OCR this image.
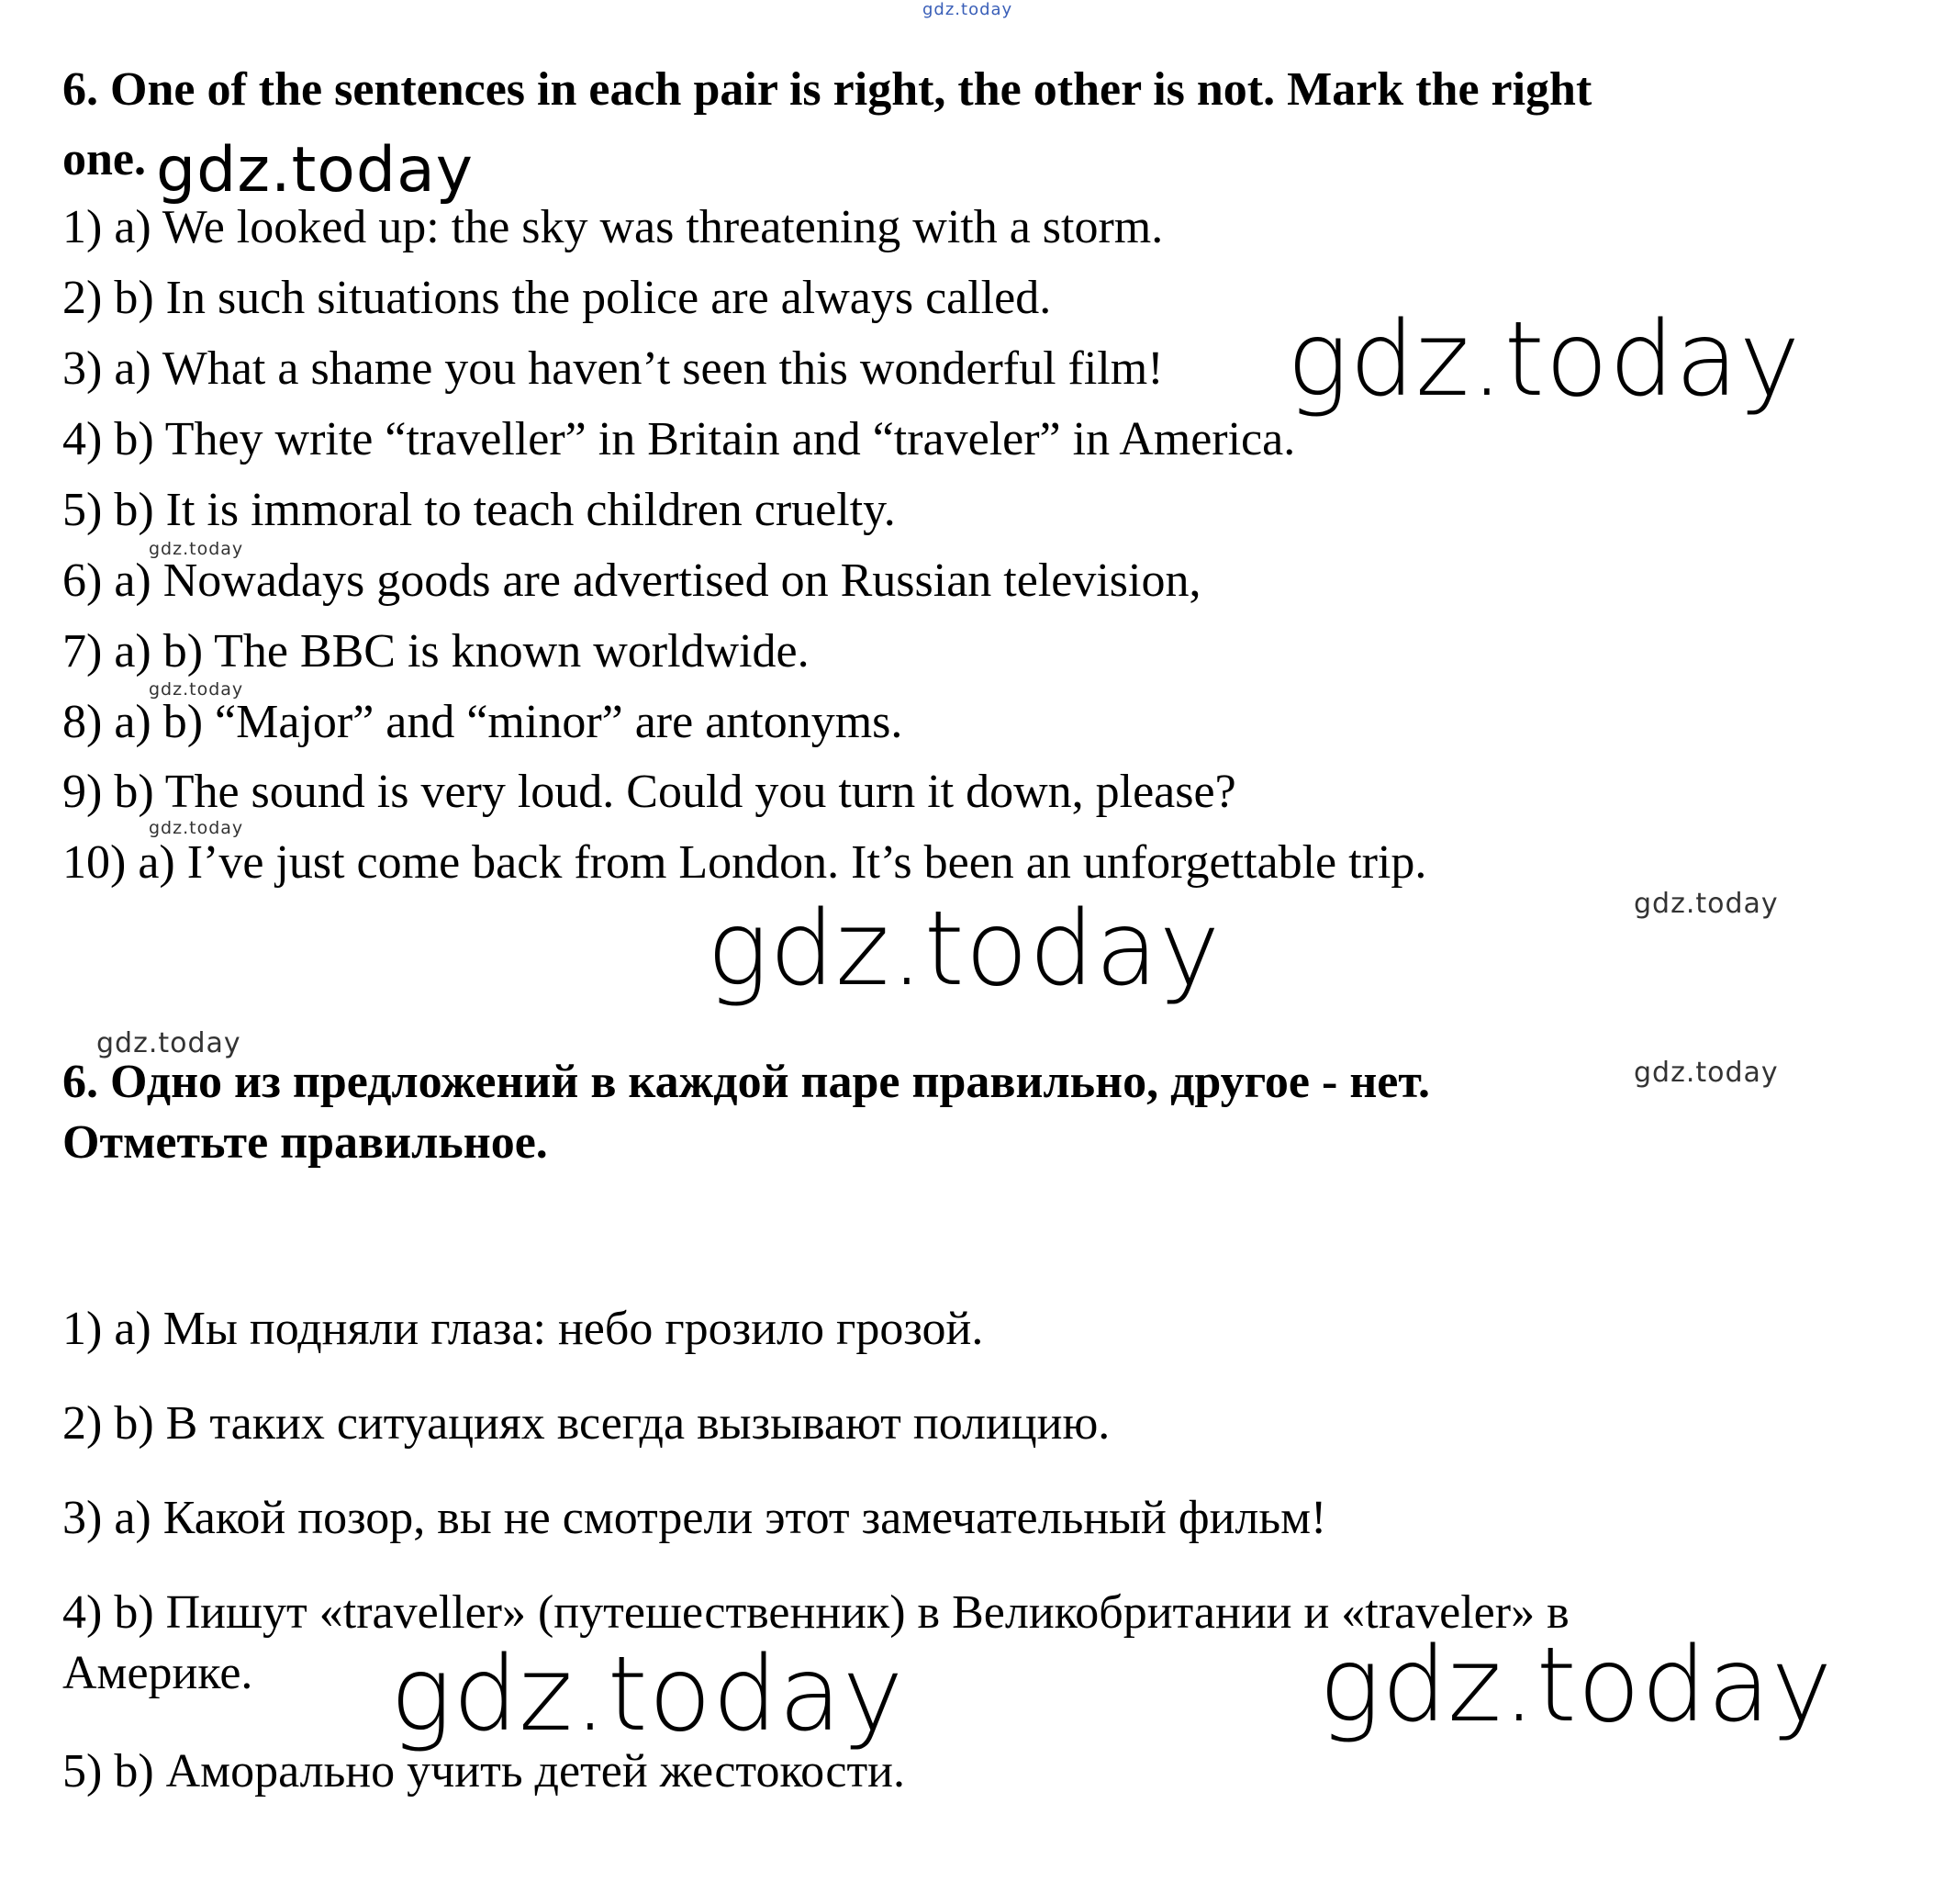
gdz.today

6. One of the sentences in each pair is right, the other is not. Mark the right

one. gdz.today

1) a) We looked up: the sky was threatening with a storm.

2) b) In such situations the police are always called.

3) a) What a shame you haven’t seen this wonderful film! gdz.today

4) b) They write “traveller” in Britain and “traveler” in America.

5) b) It is immoral to teach children cruelty.

gdz.today

6) a) Nowadays goods are advertised on Russian television,

7) a) b) The BBC is known worldwide.

gdz.today

8) a) b) “Major” and “minor” are antonyms.

9) b) The sound is very loud. Could you turn it down, please?

gdz.today

10) a) I’ve just come back from London. It’s been an unforgettable trip.

gdz.today
gdz.today
gdz.today
gdz.today

6. Одно из предложений в каждой паре правильно, другое - нет.

Отметьте правильное.

1) a) Мы подняли глаза: небо грозило грозой.

2) b) В таких ситуациях всегда вызывают полицию.

3) a) Какой позор, вы не смотрели этот замечательный фильм!

4) b) Пишут «traveller» (путешественник) в Великобритании и «traveler» в

Америке. gdz.today	gdz.today

5) b) Аморально учить детей жестокости.
